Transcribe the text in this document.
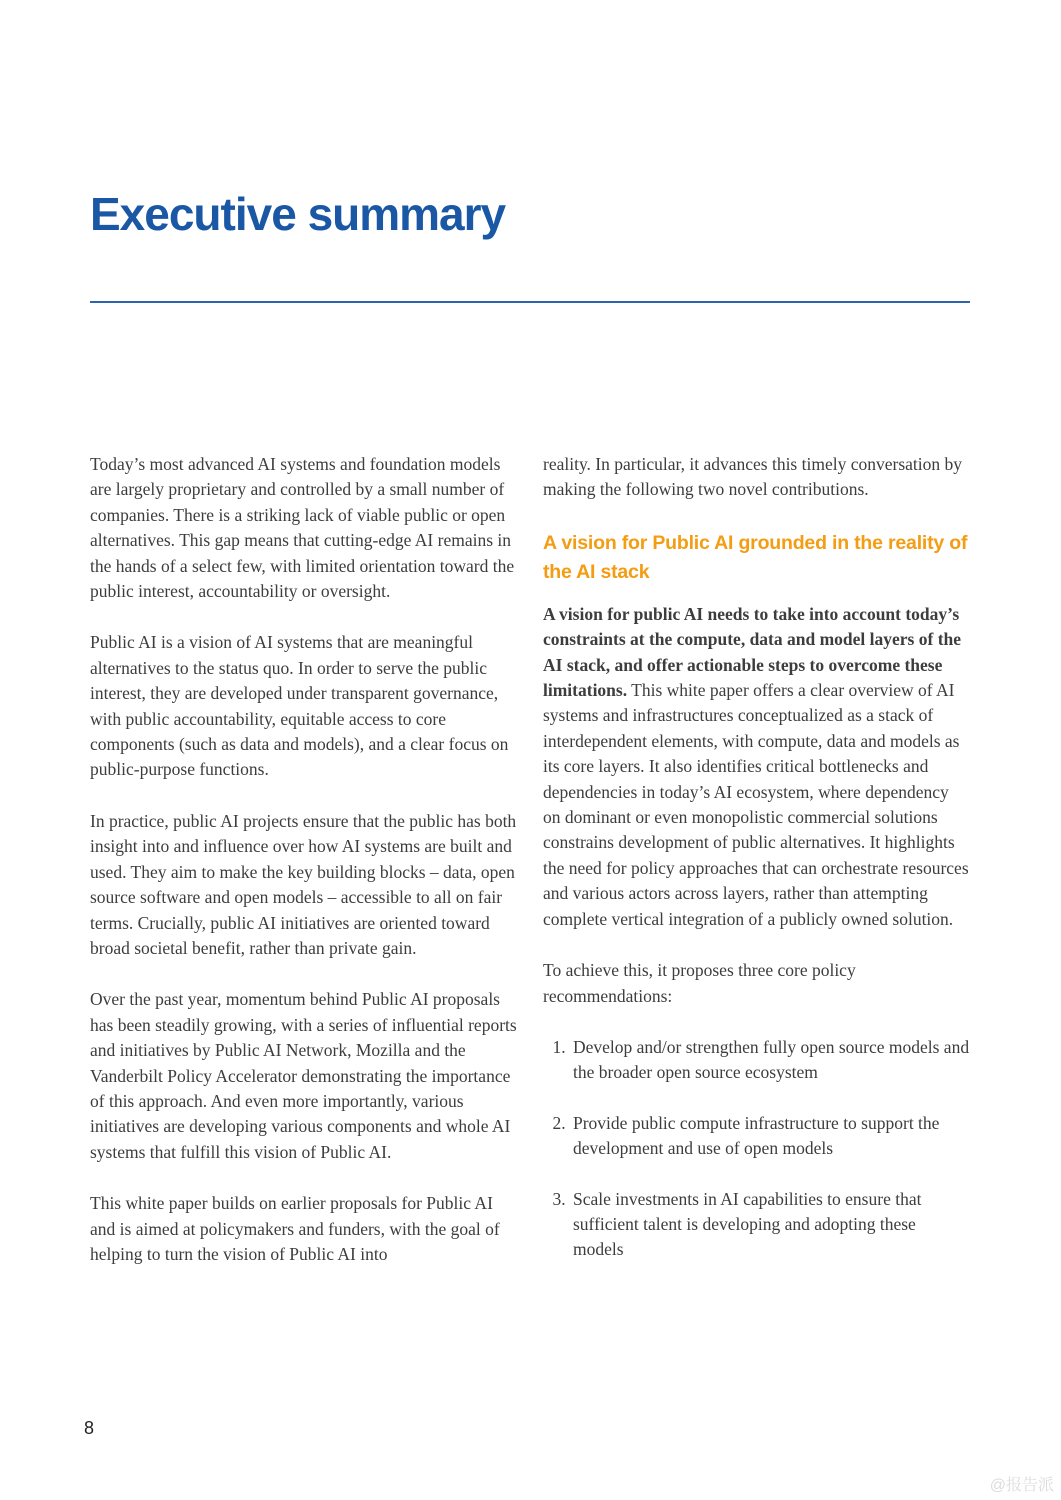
Executive summary

Today’s most advanced AI systems and foundation models are largely proprietary and controlled by a small number of companies. There is a striking lack of viable public or open alternatives. This gap means that cutting-edge AI remains in the hands of a select few, with limited orientation toward the public interest, accountability or oversight.

Public AI is a vision of AI systems that are meaningful alternatives to the status quo. In order to serve the public interest, they are developed under transparent governance, with public accountability, equitable access to core components (such as data and models), and a clear focus on public-purpose functions.

In practice, public AI projects ensure that the public has both insight into and influence over how AI systems are built and used. They aim to make the key building blocks – data, open source software and open models – accessible to all on fair terms. Crucially, public AI initiatives are oriented toward broad societal benefit, rather than private gain.

Over the past year, momentum behind Public AI proposals has been steadily growing, with a series of influential reports and initiatives by Public AI Network, Mozilla and the Vanderbilt Policy Accelerator demonstrating the importance of this approach. And even more importantly, various initiatives are developing various components and whole AI systems that fulfill this vision of Public AI.

This white paper builds on earlier proposals for Public AI and is aimed at policymakers and funders, with the goal of helping to turn the vision of Public AI into

reality. In particular, it advances this timely conversation by making the following two novel contributions.

A vision for Public AI grounded in the reality of the AI stack

A vision for public AI needs to take into account today’s constraints at the compute, data and model layers of the AI stack, and offer actionable steps to overcome these limitations. This white paper offers a clear overview of AI systems and infrastructures conceptualized as a stack of interdependent elements, with compute, data and models as its core layers. It also identifies critical bottlenecks and dependencies in today’s AI ecosystem, where dependency on dominant or even monopolistic commercial solutions constrains development of public alternatives. It highlights the need for policy approaches that can orchestrate resources and various actors across layers, rather than attempting complete vertical integration of a publicly owned solution.

To achieve this, it proposes three core policy recommendations:

1. Develop and/or strengthen fully open source models and the broader open source ecosystem
2. Provide public compute infrastructure to support the development and use of open models
3. Scale investments in AI capabilities to ensure that sufficient talent is developing and adopting these models
8
@报告派
